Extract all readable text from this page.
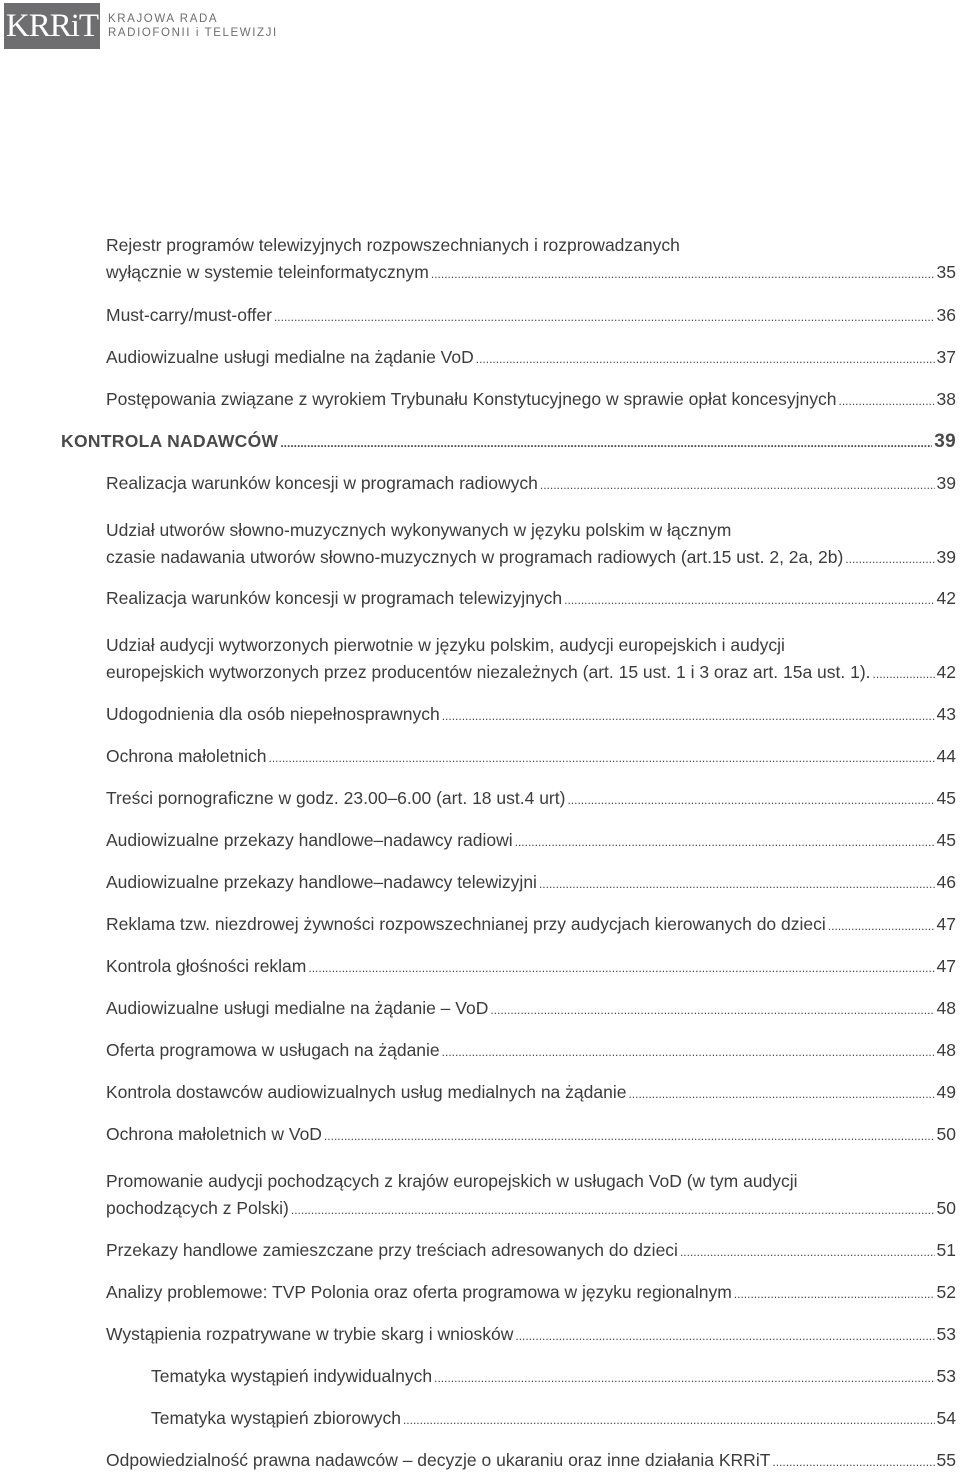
KRRiT KRAJOWA RADA
RADIOFONII i TELEWIZJI
Rejestr programów telewizyjnych rozpowszechnianych i rozprowadzanych
wyłącznie w systemie teleinformatycznym .....	35
Must-carry/must-offer .....	36
Audiowizualne usługi medialne na żądanie VoD .....	37
Postępowania związane z wyrokiem Trybunału Konstytucyjnego w sprawie opłat koncesyjnych .....	38
KONTROLA NADAWCÓW .....	39
Realizacja warunków koncesji w programach radiowych .....	39
Udział utworów słowno-muzycznych wykonywanych w języku polskim w łącznym
czasie nadawania utworów słowno-muzycznych w programach radiowych (art.15 ust. 2, 2a, 2b) .....	39
Realizacja warunków koncesji w programach telewizyjnych .....	42
Udział audycji wytworzonych pierwotnie w języku polskim, audycji europejskich i audycji
europejskich wytworzonych przez producentów niezależnych (art. 15 ust. 1 i 3 oraz art. 15a ust. 1). .....	42
Udogodnienia dla osób niepełnosprawnych .....	43
Ochrona małoletnich .....	44
Treści pornograficzne w godz. 23.00–6.00 (art. 18 ust.4 urt) .....	45
Audiowizualne przekazy handlowe–nadawcy radiowi .....	45
Audiowizualne przekazy handlowe–nadawcy telewizyjni .....	46
Reklama tzw. niezdrowej żywności rozpowszechnianej przy audycjach kierowanych do dzieci .....	47
Kontrola głośności reklam .....	47
Audiowizualne usługi medialne na żądanie – VoD .....	48
Oferta programowa w usługach na żądanie .....	48
Kontrola dostawców audiowizualnych usług medialnych na żądanie .....	49
Ochrona małoletnich w VoD .....	50
Promowanie audycji pochodzących z krajów europejskich w usługach VoD (w tym audycji
pochodzących z Polski) .....	50
Przekazy handlowe zamieszczane przy treściach adresowanych do dzieci .....	51
Analizy problemowe: TVP Polonia oraz oferta programowa w języku regionalnym .....	52
Wystąpienia rozpatrywane w trybie skarg i wniosków .....	53
Tematyka wystąpień indywidualnych .....	53
Tematyka wystąpień zbiorowych .....	54
Odpowiedzialność prawna nadawców – decyzje o ukaraniu oraz inne działania KRRiT .....	55
